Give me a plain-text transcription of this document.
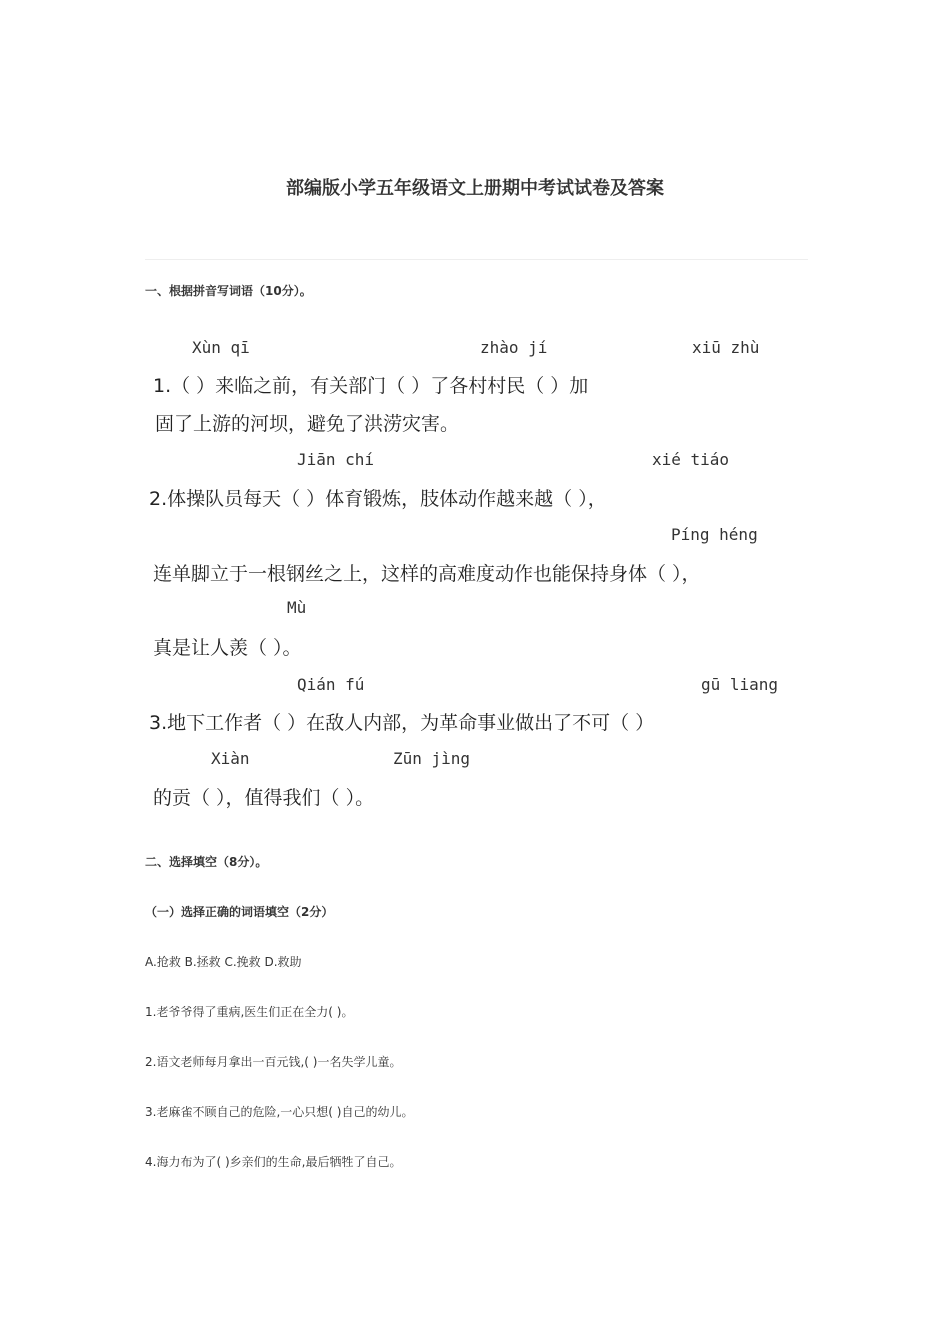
部编版小学五年级语文上册期中考试试卷及答案
一、根据拼音写词语（10分）。
Xùn qī	zhào jí	xiū zhù
1.（ ）来临之前，有关部门（ ）了各村村民（ ）加
固了上游的河坝，避免了洪涝灾害。
Jiān chí	xié tiáo
2.体操队员每天（ ）体育锻炼，肢体动作越来越（ ），
Píng héng
连单脚立于一根钢丝之上，这样的高难度动作也能保持身体（ ），
Mù
真是让人羡（ ）。
Qián fú	gū liang
3.地下工作者（ ）在敌人内部，为革命事业做出了不可（ ）
Xiàn	Zūn jìng
的贡（ ），值得我们（ ）。
二、选择填空（8分）。
（一）选择正确的词语填空（2分）
A.抢救 B.拯救 C.挽救 D.救助
1.老爷爷得了重病,医生们正在全力( )。
2.语文老师每月拿出一百元钱,( )一名失学儿童。
3.老麻雀不顾自己的危险,一心只想( )自己的幼儿。
4.海力布为了( )乡亲们的生命,最后牺牲了自己。
